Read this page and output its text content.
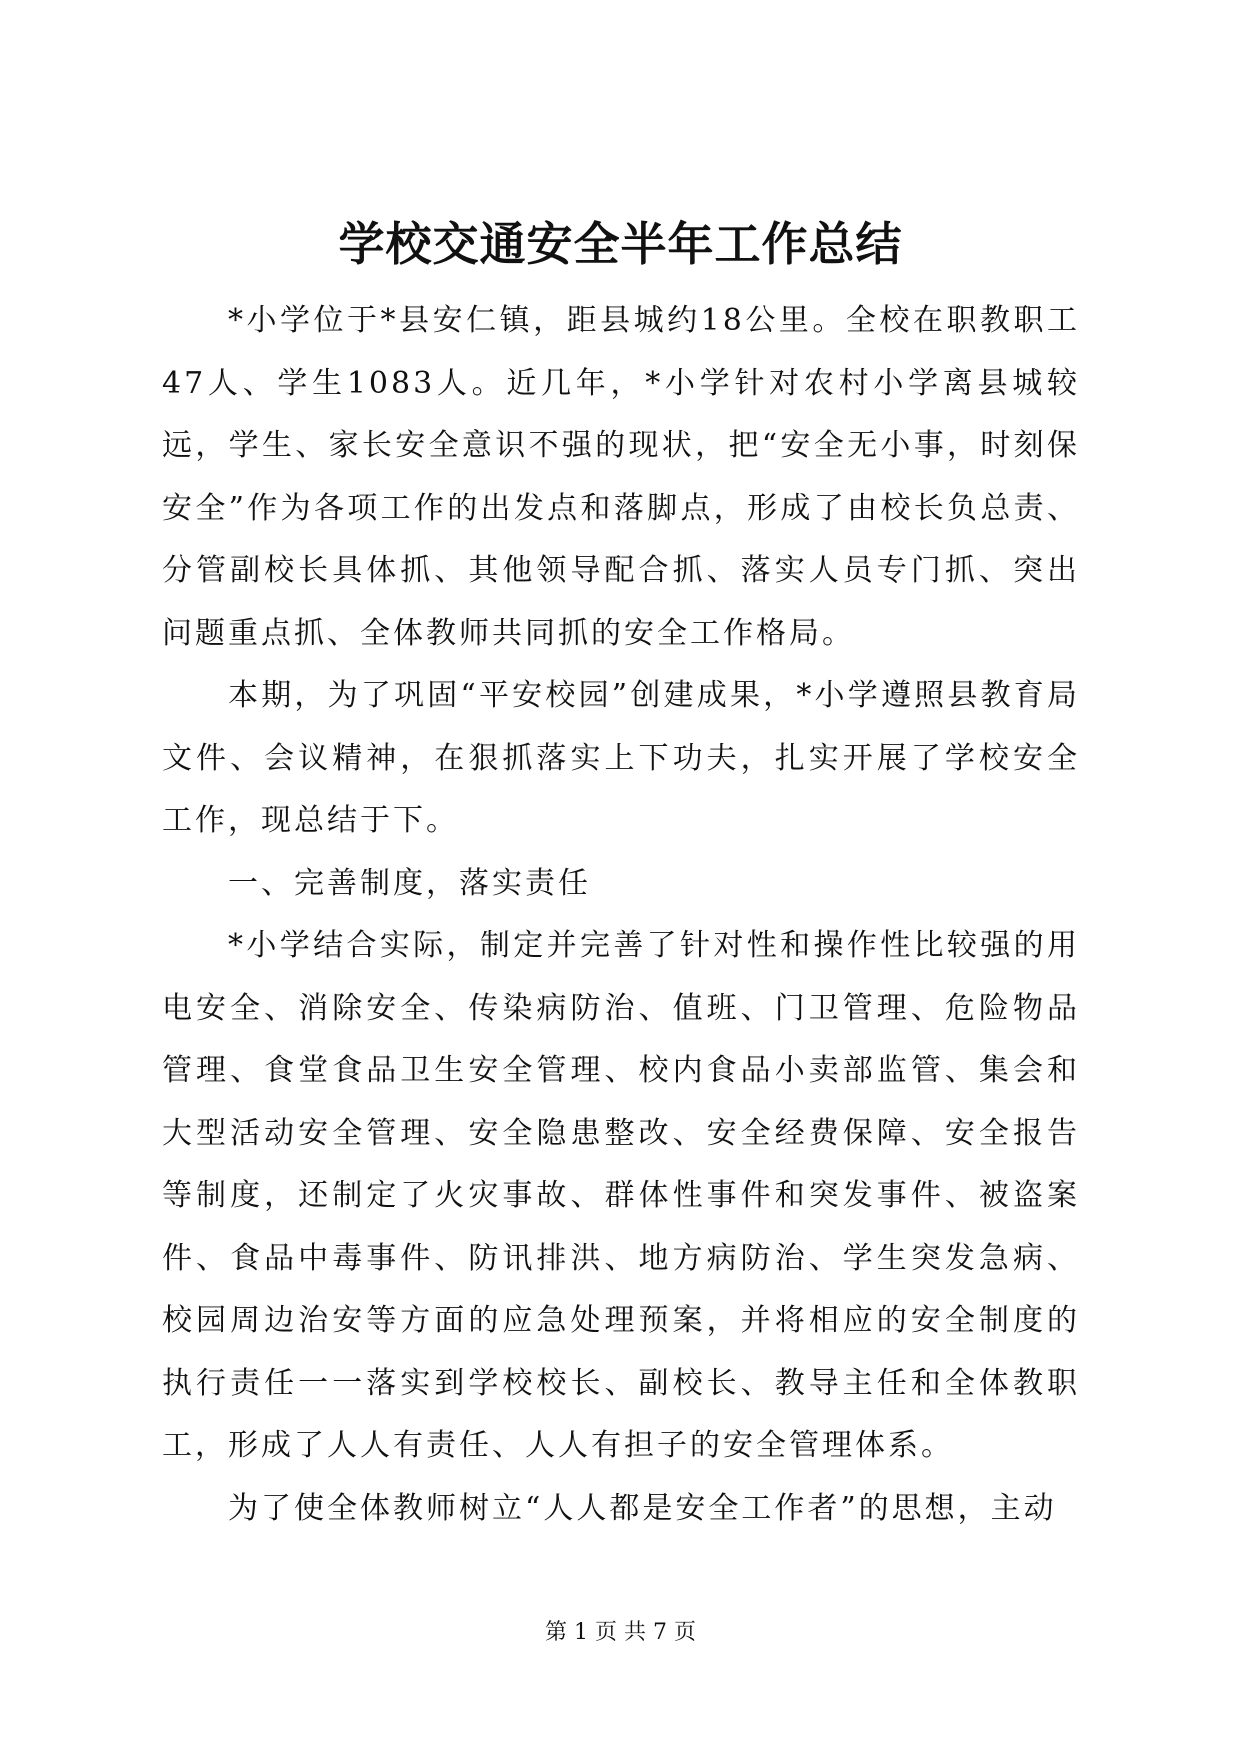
学校交通安全半年工作总结

*小学位于*县安仁镇，距县城约18公里。全校在职教职工47人、学生1083人。近几年，*小学针对农村小学离县城较远，学生、家长安全意识不强的现状，把“安全无小事，时刻保安全”作为各项工作的出发点和落脚点，形成了由校长负总责、分管副校长具体抓、其他领导配合抓、落实人员专门抓、突出问题重点抓、全体教师共同抓的安全工作格局。

本期，为了巩固“平安校园”创建成果，*小学遵照县教育局文件、会议精神，在狠抓落实上下功夫，扎实开展了学校安全工作，现总结于下。

一、完善制度，落实责任

*小学结合实际，制定并完善了针对性和操作性比较强的用电安全、消除安全、传染病防治、值班、门卫管理、危险物品管理、食堂食品卫生安全管理、校内食品小卖部监管、集会和大型活动安全管理、安全隐患整改、安全经费保障、安全报告等制度，还制定了火灾事故、群体性事件和突发事件、被盗案件、食品中毒事件、防讯排洪、地方病防治、学生突发急病、校园周边治安等方面的应急处理预案，并将相应的安全制度的执行责任一一落实到学校校长、副校长、教导主任和全体教职工，形成了人人有责任、人人有担子的安全管理体系。

为了使全体教师树立“人人都是安全工作者”的思想，主动

第 1 页 共 7 页
